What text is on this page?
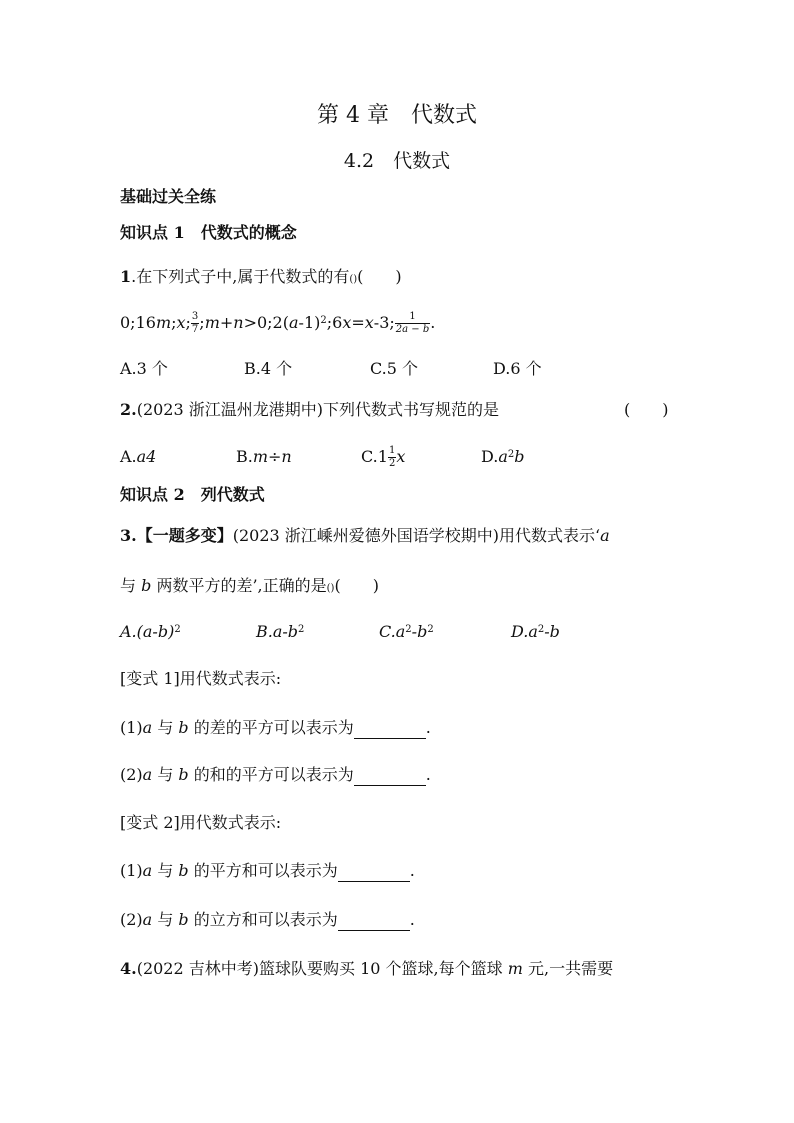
第 4 章　代数式
4.2　代数式
基础过关全练
知识点 1　代数式的概念
1.在下列式子中,属于代数式的有()(　　)
0;16m;x; $\frac{3}{7}$ $;m+n>0;2(a-1)^2;6x=x-3$; $\frac{1}{2a - b}$ .
A.3 个	B.4 个	C.5 个	D.6 个
2.(2023 浙江温州龙港期中)下列代数式书写规范的是	(　　)
A.a4	B.m÷n	$C.1 \frac{1}{2}$ x	$D.a^2b$
知识点 2　列代数式
3.【一题多变】(2023 浙江嵊州爱德外国语学校期中)用代数式表示‘a
与 b 两数平方的差’,正确的是()(　　)
$A.(a-b)^2$	$B.a-b^2$	$C.a^2-b^2$	$D.a^2-b$
[变式 1]用代数式表示:
(1)a 与 b 的差的平方可以表示为	.
(2)a 与 b 的和的平方可以表示为	.
[变式 2]用代数式表示:
(1)a 与 b 的平方和可以表示为	.
(2)a 与 b 的立方和可以表示为	.
4.(2022 吉林中考)篮球队要购买 10 个篮球,每个篮球 m 元,一共需要
